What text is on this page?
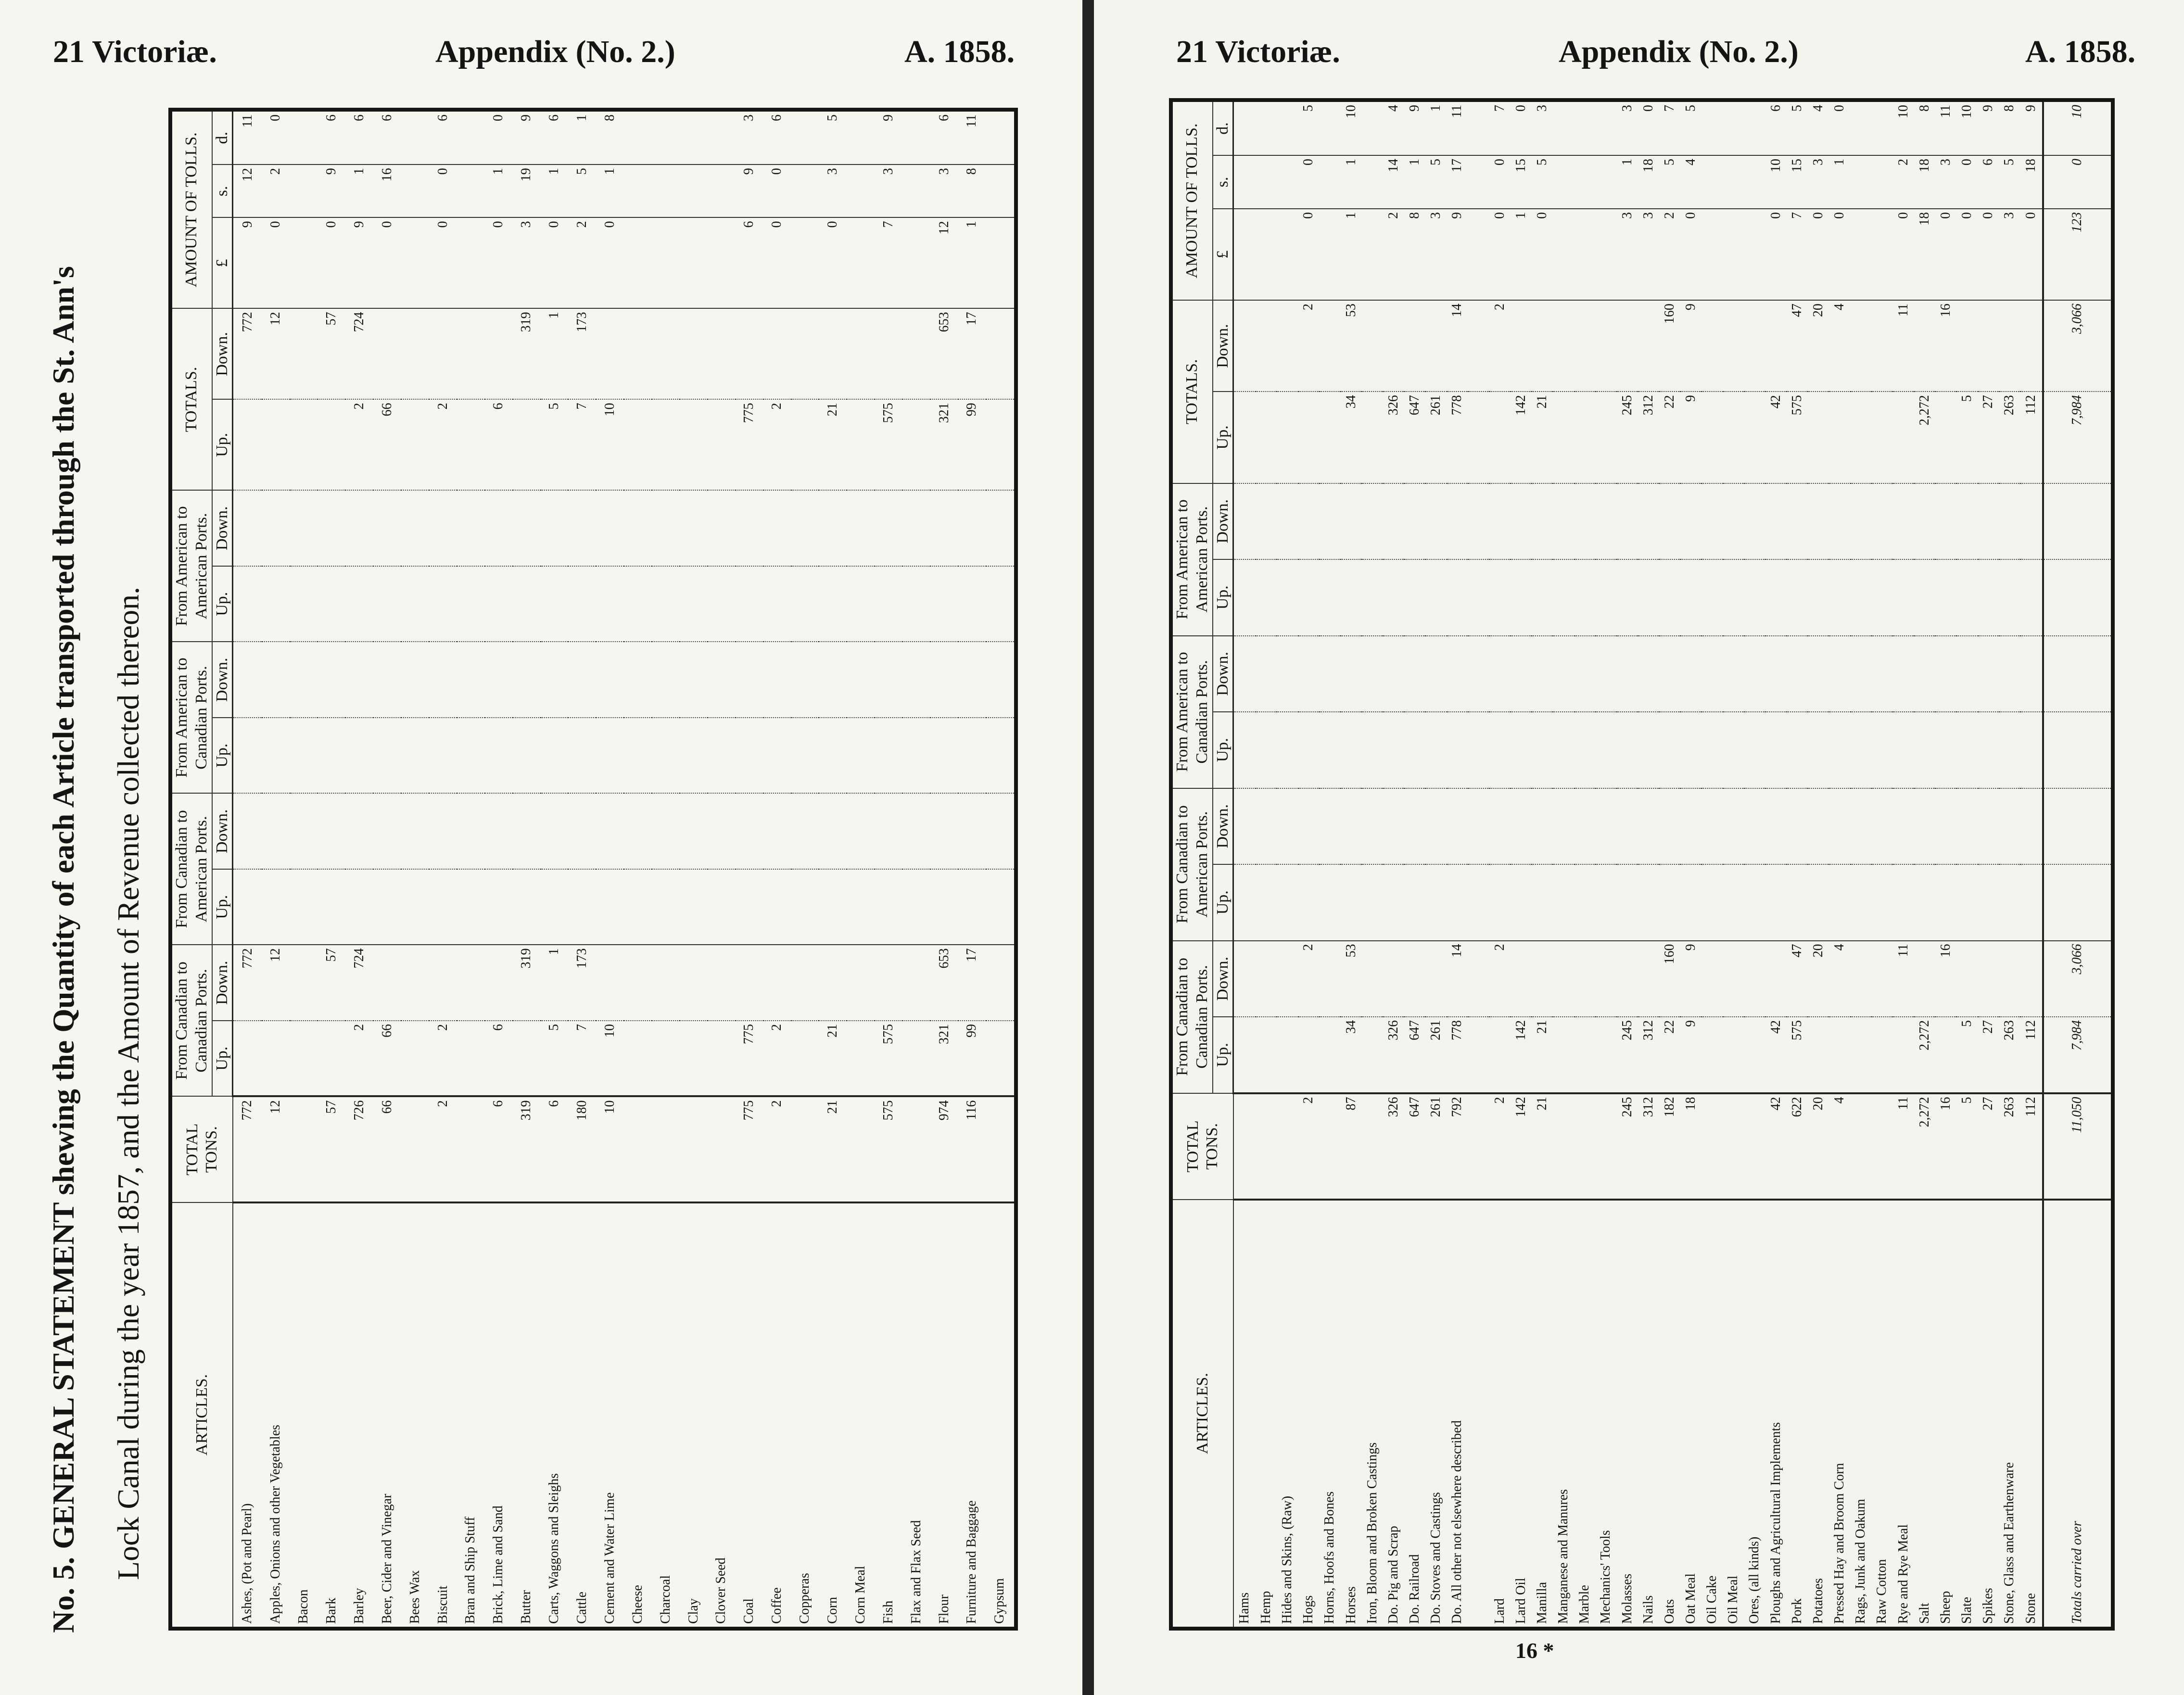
21 Victoriæ.	Appendix (No. 2.)	A. 1858.
No. 5. GENERAL STATEMENT shewing the Quantity of each Article transported through the St. Ann's Lock Canal during the year 1857, and the Amount of Revenue collected thereon.	ARTICLES.	TOTAL TONS.	From Canadian to Canadian Ports.		From Canadian to American Ports.		From American to Canadian Ports.		From American to American Ports.		TOTALS.		AMOUNT OF TOLLS.		
		Up.	Down.	Up.	Down.	Up.	Down.	Up.	Down.	Up.	Down.	£	s.	d.
Ashes, (Pot and Pearl)	772		772								772	9	12	11
Apples, Onions and other Vegetables	12		12								12	0	2	0
Bacon														
Bark	57		57								57	0	9	6
Barley	726	2	724							2	724	9	1	6
Beer, Cider and Vinegar	66	66								66		0	16	6
Bees Wax														
Biscuit	2	2								2		0	0	6
Bran and Ship Stuff														
Brick, Lime and Sand	6	6								6		0	1	0
Butter	319		319								319	3	19	9
Carts, Waggons and Sleighs	6	5	1							5	1	0	1	6
Cattle	180	7	173							7	173	2	5	1
Cement and Water Lime	10	10								10		0	1	8
Cheese														
Charcoal														
Clay														
Clover Seed														
Coal	775	775								775		6	9	3
Coffee	2	2								2		0	0	6
Copperas														
Corn	21	21								21		0	3	5
Corn Meal														
Fish	575	575								575		7	3	9
Flax and Flax Seed														
Flour	974	321	653							321	653	12	3	6
Furniture and Baggage	116	99	17							99	17	1	8	11
Gypsum														
21 Victoriæ.	Appendix (No. 2.)	A. 1858.
ARTICLES.	TOTAL TONS.	From Canadian to Canadian Ports.		From Canadian to American Ports.		From American to Canadian Ports.		From American to American Ports.		TOTALS.		AMOUNT OF TOLLS.		
		Up.	Down.	Up.	Down.	Up.	Down.	Up.	Down.	Up.	Down.	£	s.	d.
Hams														
Hemp														
Hides and Skins, (Raw)														
Hogs	2		2								2	0	0	5
Horns, Hoofs and Bones														
Horses	87	34	53							34	53	1	1	10
Iron, Bloom and Broken Castings														
Do. Pig and Scrap	326	326								326		2	14	4
Do. Railroad	647	647								647		8	1	9
Do. Stoves and Castings	261	261								261		3	5	1
Do. All other not elsewhere described	792	778	14							778	14	9	17	11

Lard	2		2								2	0	0	7
Lard Oil	142	142								142		1	15	0
Manilla	21	21								21		0	5	3
Manganese and Manures														
Marble														
Mechanics' Tools														
Molasses	245	245								245		3	1	3
Nails	312	312								312		3	18	0
Oats	182	22	160							22	160	2	5	7
Oat Meal	18	9	9							9	9	0	4	5
Oil Cake														
Oil Meal														
Ores, (all kinds)														
Ploughs and Agricultural Implements	42	42								42		0	10	6
Pork	622	575	47							575	47	7	15	5
Potatoes	20		20								20	0	3	4
Pressed Hay and Broom Corn	4		4								4	0	1	0
Rags, Junk and Oakum														
Raw Cotton														
Rye and Rye Meal	11		11								11	0	2	10
Salt	2,272	2,272								2,272		18	18	8
Sheep	16		16								16	0	3	11
Slate	5	5								5		0	0	10
Spikes	27	27								27		0	6	9
Stone, Glass and Earthenware	263	263								263		3	5	8
Stone	112	112								112		0	18	9
Totals carried over	11,050	7,984	3,066							7,984	3,066	123	0	10
16 *
